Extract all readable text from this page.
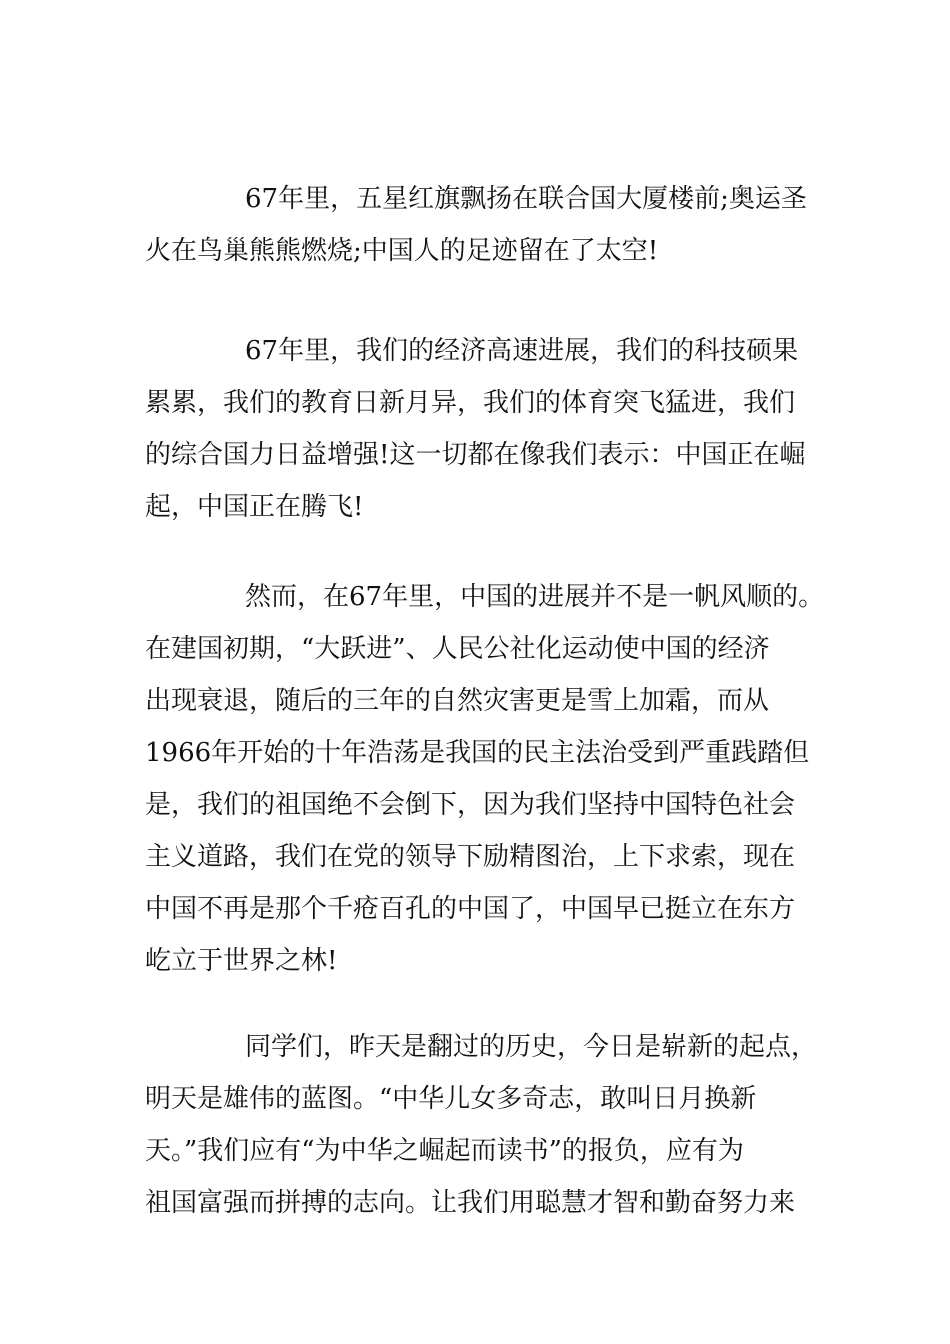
67年里，五星红旗飘扬在联合国大厦楼前;奥运圣
火在鸟巢熊熊燃烧;中国人的足迹留在了太空!
67年里，我们的经济高速进展，我们的科技硕果
累累，我们的教育日新月异，我们的体育突飞猛进，我们
的综合国力日益增强!这一切都在像我们表示：中国正在崛
起，中国正在腾飞!
然而，在67年里，中国的进展并不是一帆风顺的。
在建国初期，“大跃进”、人民公社化运动使中国的经济
出现衰退，随后的三年的自然灾害更是雪上加霜，而从
1966年开始的十年浩荡是我国的民主法治受到严重践踏但
是，我们的祖国绝不会倒下，因为我们坚持中国特色社会
主义道路，我们在党的领导下励精图治，上下求索，现在
中国不再是那个千疮百孔的中国了，中国早已挺立在东方
屹立于世界之林!
同学们，昨天是翻过的历史，今日是崭新的起点，
明天是雄伟的蓝图。“中华儿女多奇志，敢叫日月换新
天。”我们应有“为中华之崛起而读书”的报负，应有为
祖国富强而拼搏的志向。让我们用聪慧才智和勤奋努力来
